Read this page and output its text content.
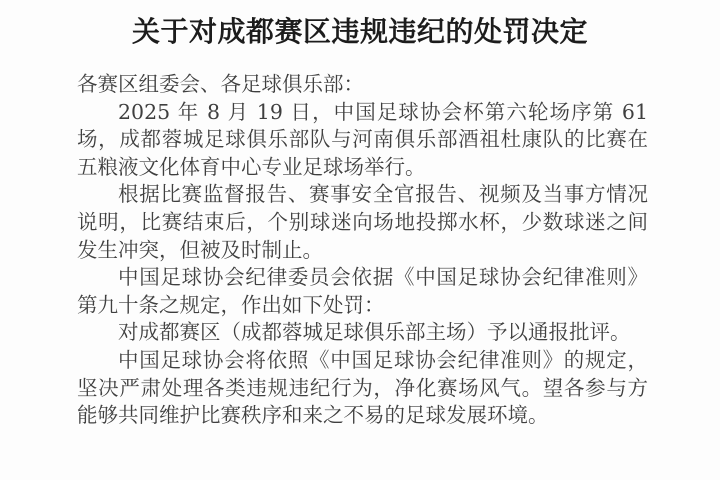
关于对成都赛区违规违纪的处罚决定

各赛区组委会、各足球俱乐部：

2025 年 8 月 19 日，中国足球协会杯第六轮场序第 61 场，成都蓉城足球俱乐部队与河南俱乐部酒祖杜康队的比赛在五粮液文化体育中心专业足球场举行。

根据比赛监督报告、赛事安全官报告、视频及当事方情况说明，比赛结束后，个别球迷向场地投掷水杯，少数球迷之间发生冲突，但被及时制止。

中国足球协会纪律委员会依据《中国足球协会纪律准则》第九十条之规定，作出如下处罚：

对成都赛区（成都蓉城足球俱乐部主场）予以通报批评。

中国足球协会将依照《中国足球协会纪律准则》的规定，坚决严肃处理各类违规违纪行为，净化赛场风气。望各参与方能够共同维护比赛秩序和来之不易的足球发展环境。
